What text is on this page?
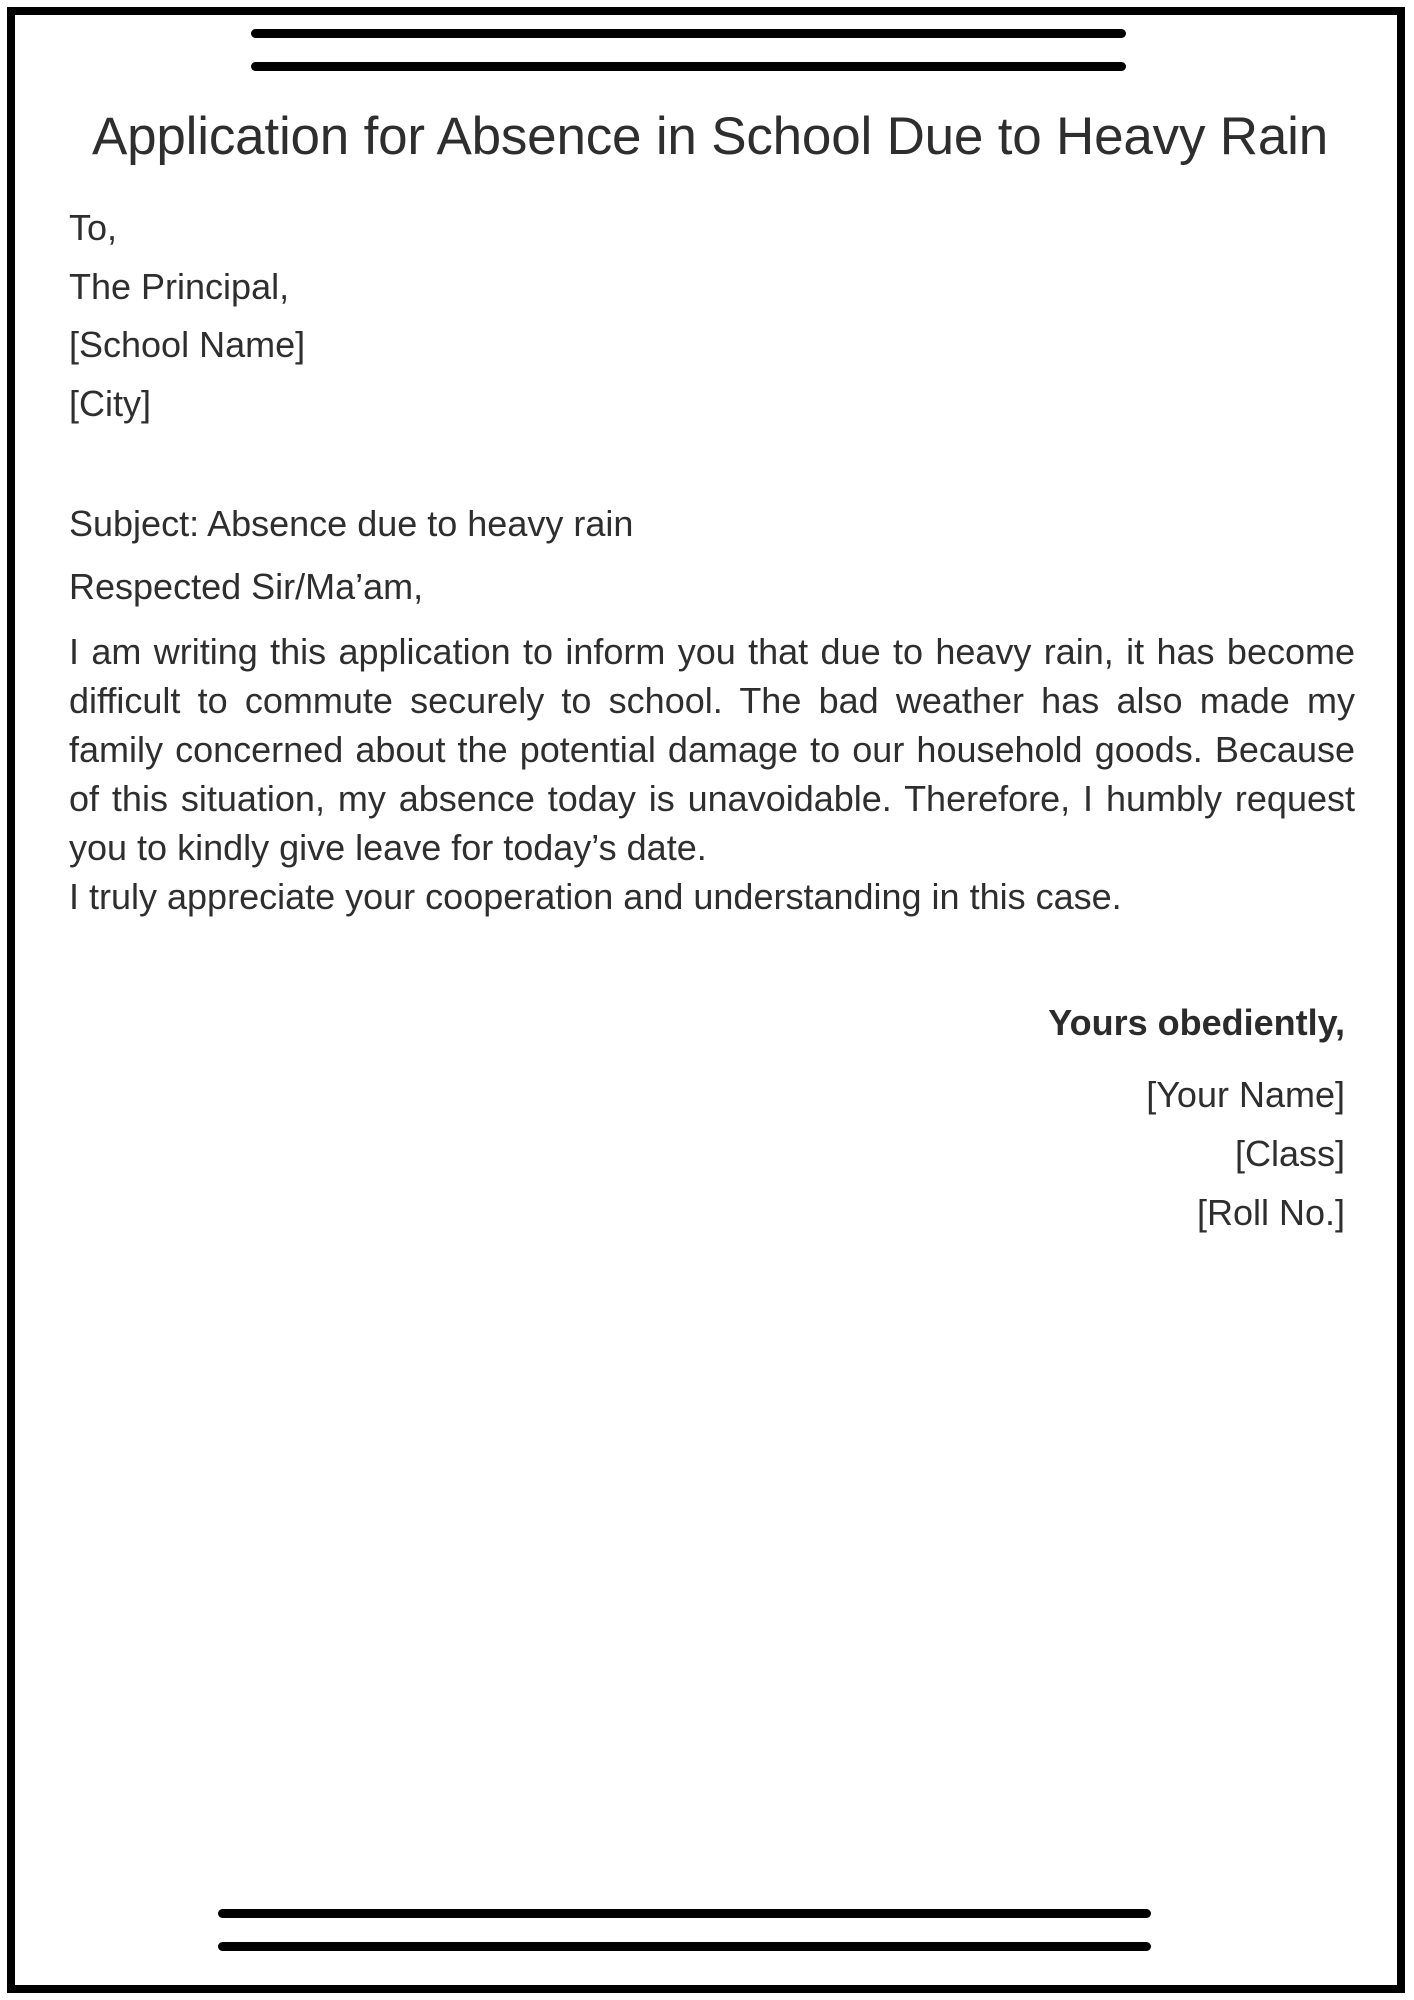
Application for Absence in School Due to Heavy Rain
To,
The Principal,
[School Name]
[City]
Subject: Absence due to heavy rain
Respected Sir/Ma’am,

I am writing this application to inform you that due to heavy rain, it has become difficult to commute securely to school. The bad weather has also made my family concerned about the potential damage to our household goods. Because of this situation, my absence today is unavoidable. Therefore, I humbly request you to kindly give leave for today’s date.

I truly appreciate your cooperation and understanding in this case.

Yours obediently,
[Your Name]
[Class]
[Roll No.]
